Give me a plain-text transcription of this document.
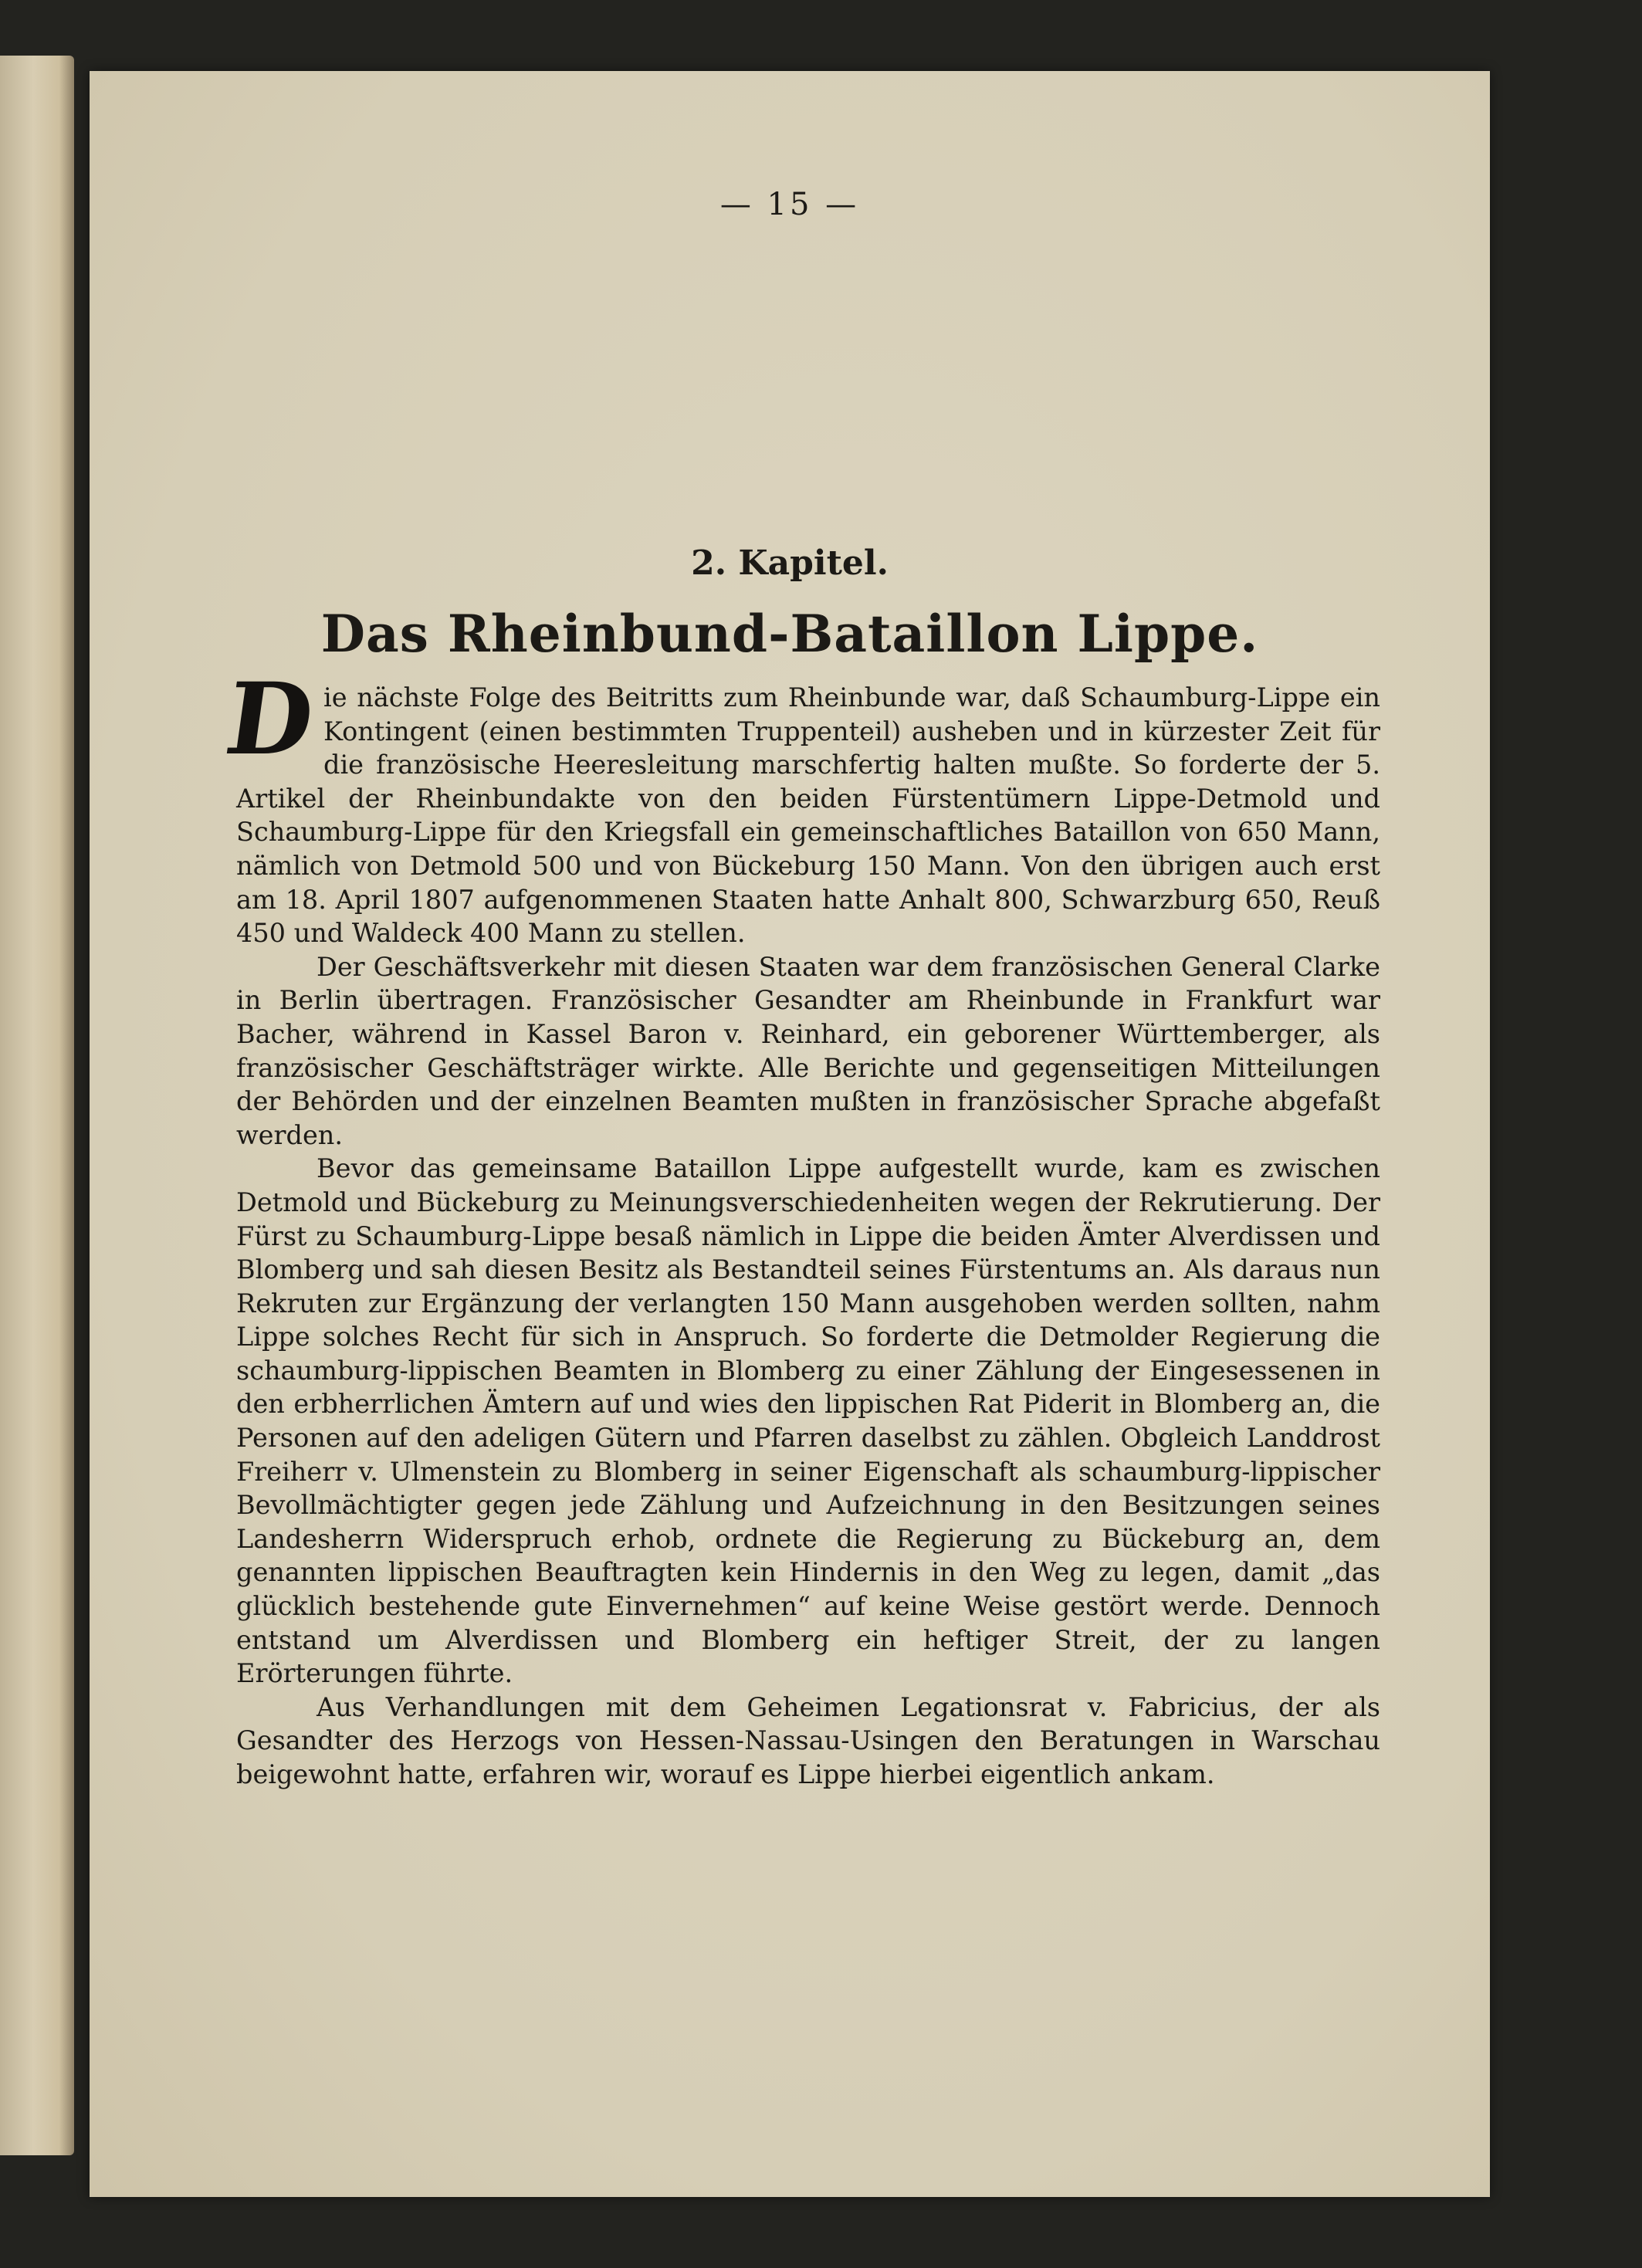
— 15 —
2. Kapitel.
Das Rheinbund-Bataillon Lippe.

Die nächste Folge des Beitritts zum Rheinbunde war, daß Schaumburg-Lippe ein Kontingent (einen bestimmten Truppenteil) ausheben und in kürzester Zeit für die französische Heeresleitung marschfertig halten mußte. So forderte der 5. Artikel der Rheinbundakte von den beiden Fürstentümern Lippe-Detmold und Schaumburg-Lippe für den Kriegsfall ein gemeinschaftliches Bataillon von 650 Mann, nämlich von Detmold 500 und von Bückeburg 150 Mann. Von den übrigen auch erst am 18. April 1807 aufgenommenen Staaten hatte Anhalt 800, Schwarzburg 650, Reuß 450 und Waldeck 400 Mann zu stellen.

Der Geschäftsverkehr mit diesen Staaten war dem französischen General Clarke in Berlin übertragen. Französischer Gesandter am Rheinbunde in Frankfurt war Bacher, während in Kassel Baron v. Reinhard, ein geborener Württemberger, als französischer Geschäftsträger wirkte. Alle Berichte und gegenseitigen Mitteilungen der Behörden und der einzelnen Beamten mußten in französischer Sprache abgefaßt werden.

Bevor das gemeinsame Bataillon Lippe aufgestellt wurde, kam es zwischen Detmold und Bückeburg zu Meinungsverschiedenheiten wegen der Rekrutierung. Der Fürst zu Schaumburg-Lippe besaß nämlich in Lippe die beiden Ämter Alverdissen und Blomberg und sah diesen Besitz als Bestandteil seines Fürstentums an. Als daraus nun Rekruten zur Ergänzung der verlangten 150 Mann ausgehoben werden sollten, nahm Lippe solches Recht für sich in Anspruch. So forderte die Detmolder Regierung die schaumburg-lippischen Beamten in Blomberg zu einer Zählung der Eingesessenen in den erbherrlichen Ämtern auf und wies den lippischen Rat Piderit in Blomberg an, die Personen auf den adeligen Gütern und Pfarren daselbst zu zählen. Obgleich Landdrost Freiherr v. Ulmenstein zu Blomberg in seiner Eigenschaft als schaumburg-lippischer Bevollmächtigter gegen jede Zählung und Aufzeichnung in den Besitzungen seines Landesherrn Widerspruch erhob, ordnete die Regierung zu Bückeburg an, dem genannten lippischen Beauftragten kein Hindernis in den Weg zu legen, damit „das glücklich bestehende gute Einvernehmen“ auf keine Weise gestört werde. Dennoch entstand um Alverdissen und Blomberg ein heftiger Streit, der zu langen Erörterungen führte.

Aus Verhandlungen mit dem Geheimen Legationsrat v. Fabricius, der als Gesandter des Herzogs von Hessen-Nassau-Usingen den Beratungen in Warschau beigewohnt hatte, erfahren wir, worauf es Lippe hierbei eigentlich ankam.
